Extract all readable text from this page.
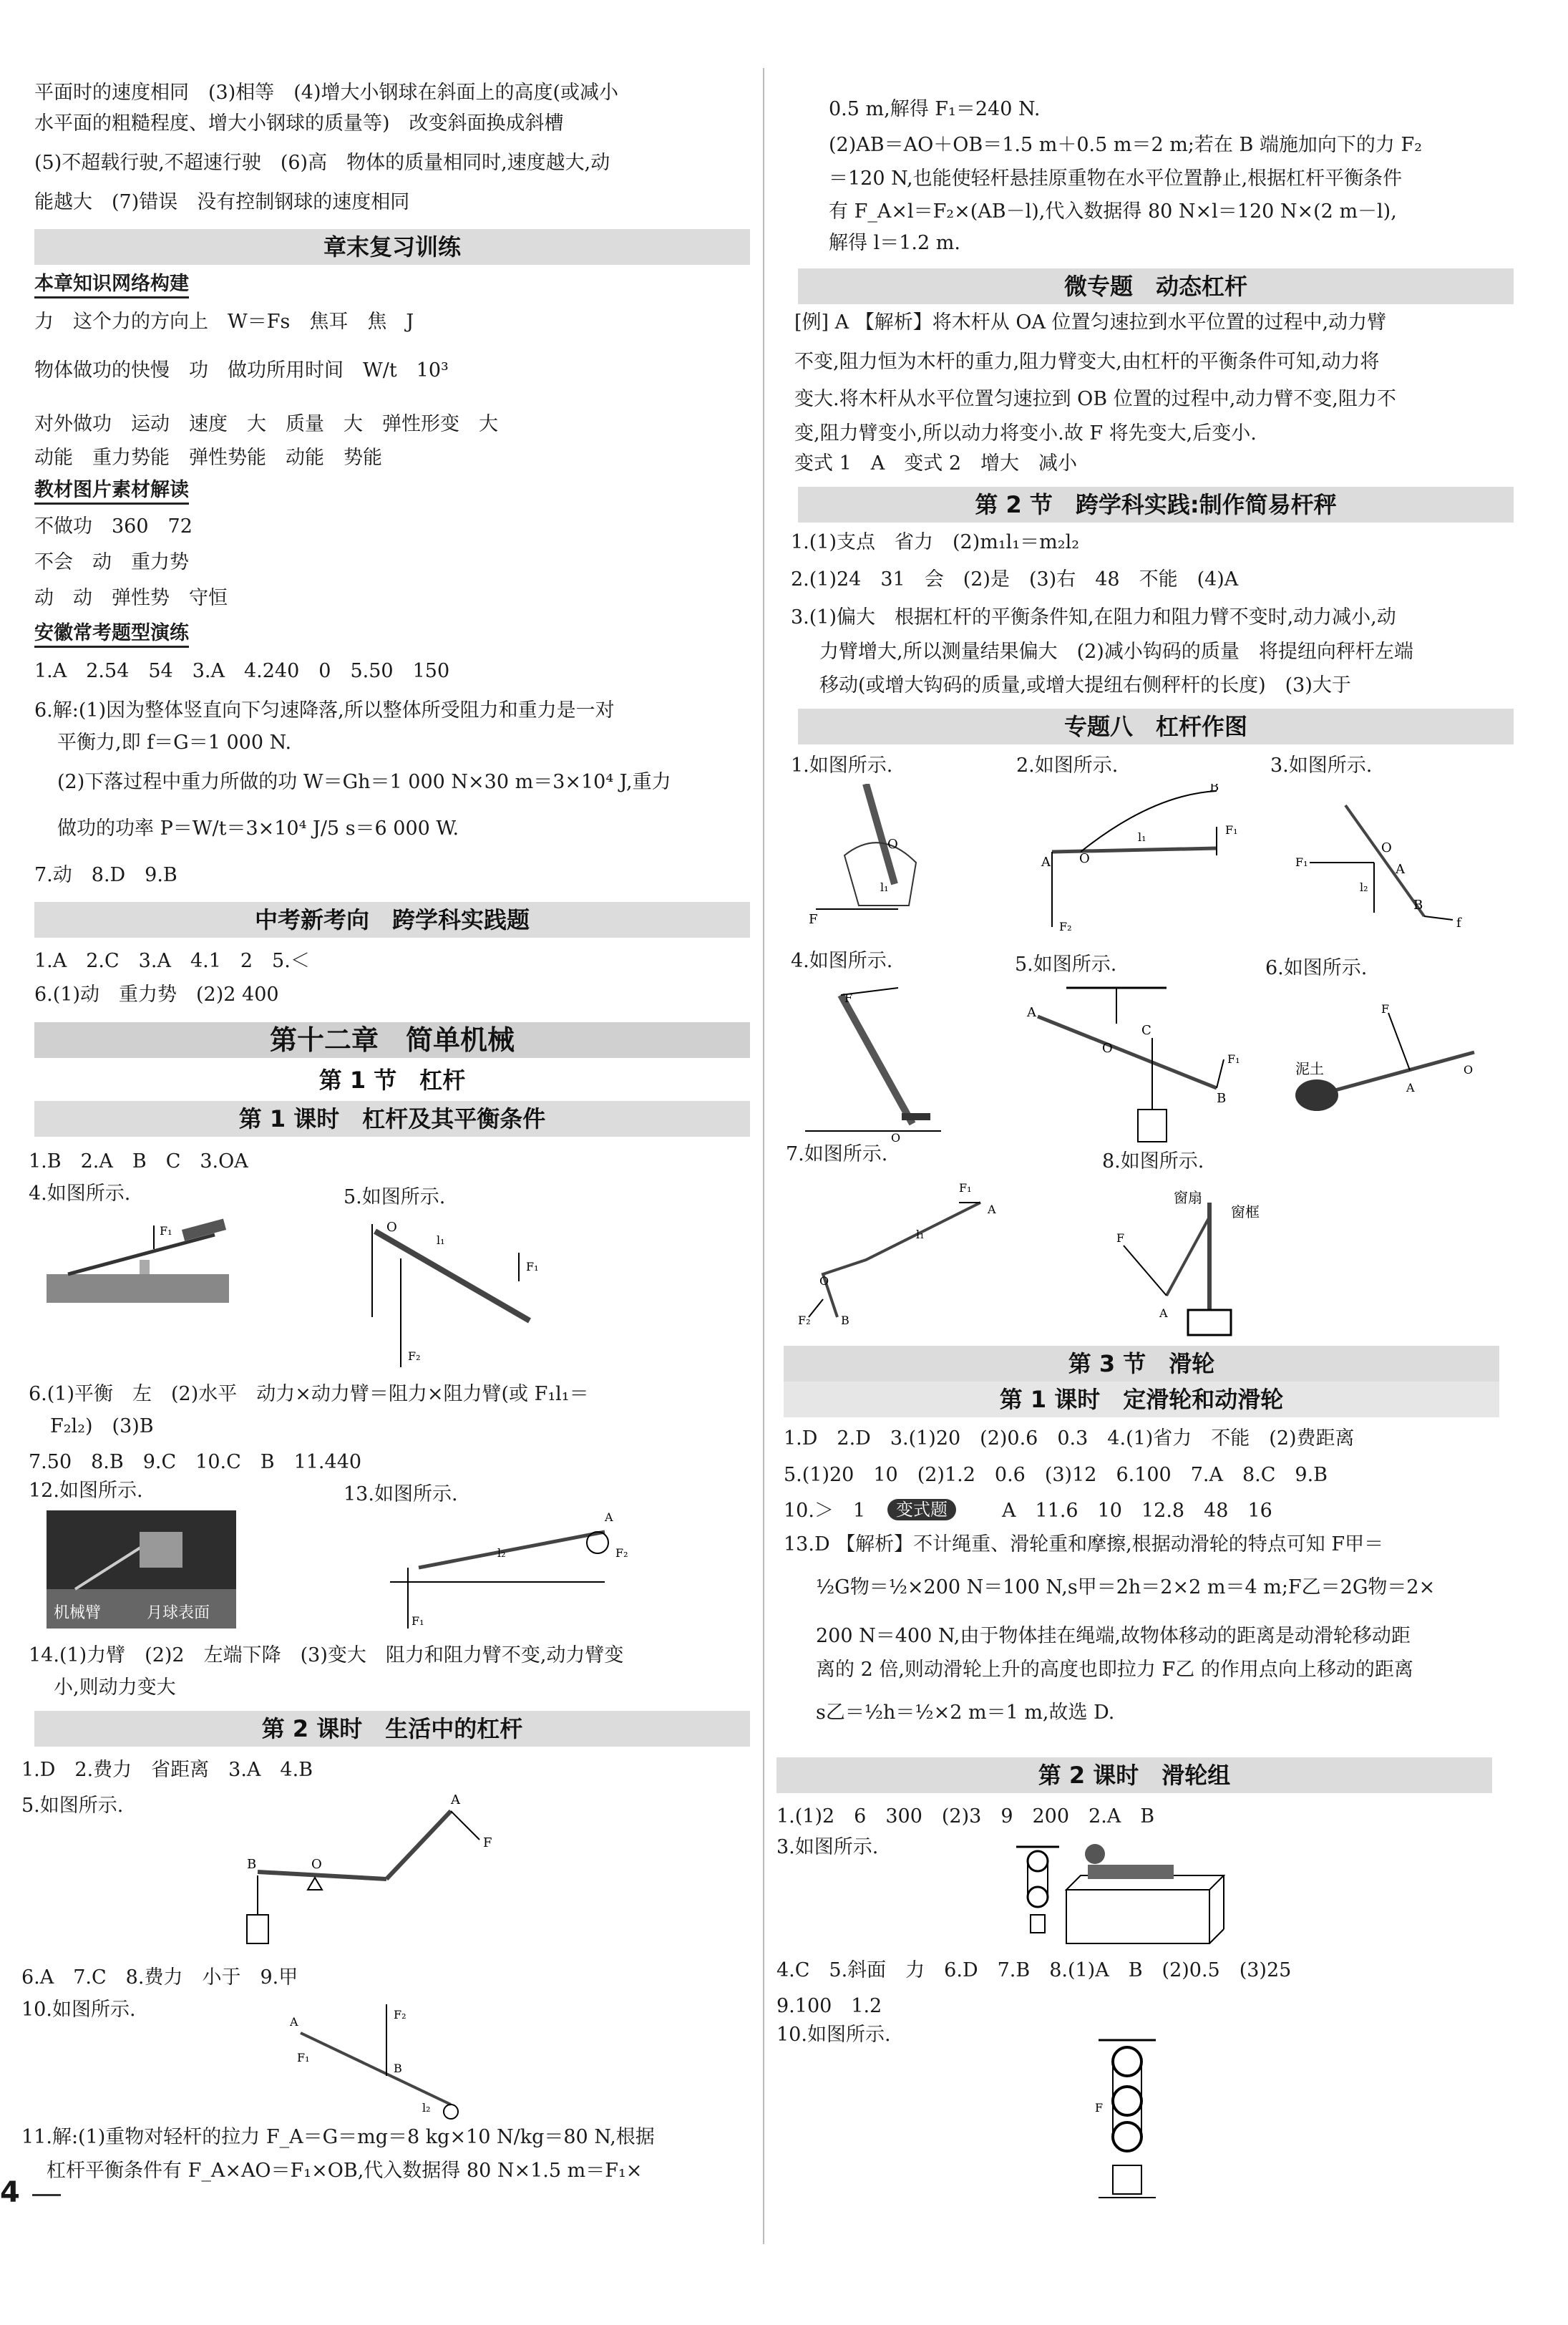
平面时的速度相同　(3)相等　(4)增大小钢球在斜面上的高度(或减小
水平面的粗糙程度、增大小钢球的质量等)　改变斜面换成斜槽
(5)不超载行驶,不超速行驶　(6)高　物体的质量相同时,速度越大,动
能越大　(7)错误　没有控制钢球的速度相同
章末复习训练
本章知识网络构建
力　这个力的方向上　W＝Fs　焦耳　焦　J
物体做功的快慢　功　做功所用时间　W/t　10³
对外做功　运动　速度　大　质量　大　弹性形变　大
动能　重力势能　弹性势能　动能　势能
教材图片素材解读
不做功　360　72
不会　动　重力势
动　动　弹性势　守恒
安徽常考题型演练
1.A　2.54　54　3.A　4.240　0　5.50　150
6.解:(1)因为整体竖直向下匀速降落,所以整体所受阻力和重力是一对
平衡力,即 f＝G＝1 000 N.
(2)下落过程中重力所做的功 W＝Gh＝1 000 N×30 m＝3×10⁴ J,重力
做功的功率 P＝W/t＝3×10⁴ J/5 s＝6 000 W.
7.动　8.D　9.B
中考新考向　跨学科实践题
1.A　2.C　3.A　4.1　2　5.＜
6.(1)动　重力势　(2)2 400
第十二章　简单机械
第 1 节　杠杆
第 1 课时　杠杆及其平衡条件
1.B　2.A　B　C　3.OA
4.如图所示.	5.如图所示.
F₁	O
l₁
F₁
F₂
6.(1)平衡　左　(2)水平　动力×动力臂＝阻力×阻力臂(或 F₁l₁＝
F₂l₂)　(3)B
7.50　8.B　9.C　10.C　B　11.440
12.如图所示.	13.如图所示.
机械臂	月球表面	F₁
l₂
A
F₂
14.(1)力臂　(2)2　左端下降　(3)变大　阻力和阻力臂不变,动力臂变
小,则动力变大
第 2 课时　生活中的杠杆
1.D　2.费力　省距离　3.A　4.B
5.如图所示.
B	O
A
F
6.A　7.C　8.费力　小于　9.甲
10.如图所示.
A
F₂
B
F₁
l₂
11.解:(1)重物对轻杆的拉力 F_A＝G＝mg＝8 kg×10 N/kg＝80 N,根据
杠杆平衡条件有 F_A×AO＝F₁×OB,代入数据得 80 N×1.5 m＝F₁×
4
0.5 m,解得 F₁＝240 N.
(2)AB＝AO＋OB＝1.5 m＋0.5 m＝2 m;若在 B 端施加向下的力 F₂
＝120 N,也能使轻杆悬挂原重物在水平位置静止,根据杠杆平衡条件
有 F_A×l＝F₂×(AB－l),代入数据得 80 N×l＝120 N×(2 m－l),
解得 l＝1.2 m.
微专题　动态杠杆
[例] A 【解析】将木杆从 OA 位置匀速拉到水平位置的过程中,动力臂
不变,阻力恒为木杆的重力,阻力臂变大,由杠杆的平衡条件可知,动力将
变大.将木杆从水平位置匀速拉到 OB 位置的过程中,动力臂不变,阻力不
变,阻力臂变小,所以动力将变小.故 F 将先变大,后变小.
变式 1　A　变式 2　增大　减小
第 2 节　跨学科实践:制作简易杆秤
1.(1)支点　省力　(2)m₁l₁＝m₂l₂
2.(1)24　31　会　(2)是　(3)右　48　不能　(4)A
3.(1)偏大　根据杠杆的平衡条件知,在阻力和阻力臂不变时,动力减小,动
力臂增大,所以测量结果偏大　(2)减小钩码的质量　将提纽向秤杆左端
移动(或增大钩码的质量,或增大提纽右侧秤杆的长度)　(3)大于
专题八　杠杆作图
1.如图所示.	2.如图所示.	3.如图所示.
O
l₁
F
A O
l₁
B
F₁
F₂
F₁
O
A
l₂
B
f
4.如图所示.	5.如图所示.	6.如图所示.
F
O
A
O
C
B
F₁
泥土
F
A
O
7.如图所示.	8.如图所示.
F₁
A
l₁
O
F₂	B
窗扇
窗框
F
A
第 3 节　滑轮
第 1 课时　定滑轮和动滑轮
1.D　2.D　3.(1)20　(2)0.6　0.3　4.(1)省力　不能　(2)费距离
5.(1)20　10　(2)1.2　0.6　(3)12　6.100　7.A　8.C　9.B
10.＞　1	变式题	A　11.6　10　12.8　48　16
13.D 【解析】不计绳重、滑轮重和摩擦,根据动滑轮的特点可知 F甲＝
½G物＝½×200 N＝100 N,s甲＝2h＝2×2 m＝4 m;F乙＝2G物＝2×
200 N＝400 N,由于物体挂在绳端,故物体移动的距离是动滑轮移动距
离的 2 倍,则动滑轮上升的高度也即拉力 F乙 的作用点向上移动的距离
s乙＝½h＝½×2 m＝1 m,故选 D.
第 2 课时　滑轮组
1.(1)2　6　300　(2)3　9　200　2.A　B
3.如图所示.
4.C　5.斜面　力　6.D　7.B　8.(1)A　B　(2)0.5　(3)25
9.100　1.2
10.如图所示.
F
